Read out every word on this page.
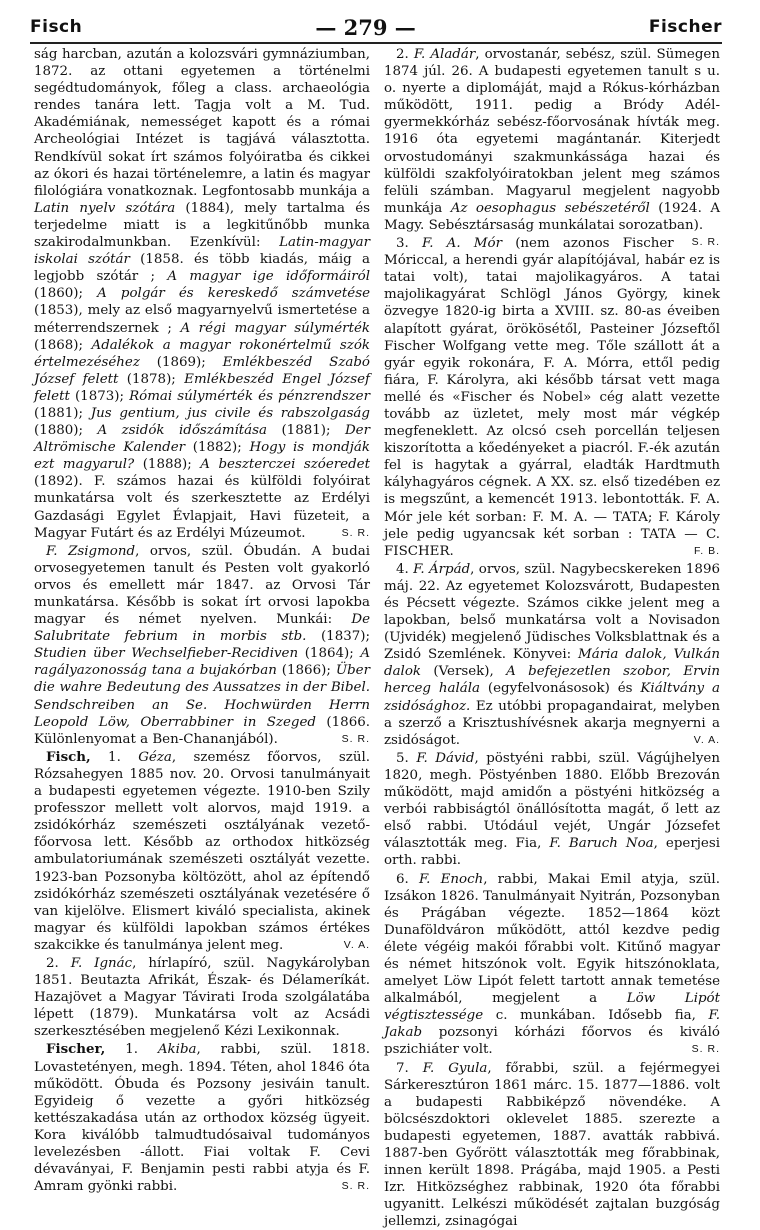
Fisch	— 279 —	Fischer

ság harcban, azután a kolozsvári gymnáziumban, 1872. az ottani egyetemen a történelmi segédtudományok, főleg a class. archaeológia rendes tanára lett. Tagja volt a M. Tud. Akadémiának, nemességet kapott és a római Archeológiai Intézet is tagjává választotta. Rendkívül sokat írt számos folyóiratba és cikkei az ókori és hazai történelemre, a latin és magyar filológiára vonatkoznak. Legfontosabb munkája a Latin nyelv szótára (1884), mely tartalma és terjedelme miatt is a legkitűnőbb munka szakirodalmunkban. Ezenkívül: Latin-magyar iskolai szótár (1858. és több kiadás, máig a legjobb szótár ; A magyar ige időformáiról (1860); A polgár és kereskedő számvetése (1853), mely az első magyarnyelvű ismertetése a méterrendszernek ; A régi magyar súlymérték (1868); Adalékok a magyar rokonértelmű szók értelmezéséhez (1869); Emlékbeszéd Szabó József felett (1878); Emlékbeszéd Engel József felett (1873); Római súlymérték és pénzrendszer (1881); Jus gentium, jus civile és rabszolgaság (1880); A zsidók időszámítása (1881); Der Altrömische Kalender (1882); Hogy is mondják ezt magyarul? (1888); A beszterczei szóeredet (1892). F. számos hazai és külföldi folyóirat munkatársa volt és szerkesztette az Erdélyi Gazdasági Egylet Évlapjait, Havi füzeteit, a Magyar Futárt és az Erdélyi Múzeumot.	S. R.

F. Zsigmond, orvos, szül. Óbudán. A budai orvosegyetemen tanult és Pesten volt gyakorló orvos és emellett már 1847. az Orvosi Tár munkatársa. Később is sokat írt orvosi lapokba magyar és német nyelven. Munkái: De Salubritate febrium in morbis stb. (1837); Studien über Wechselfieber-Recidiven (1864); A ragályazonosság tana a bujakórban (1866); Über die wahre Bedeutung des Aussatzes in der Bibel. Sendschreiben an Se. Hochwürden Herrn Leopold Löw, Oberrabbiner in Szeged (1866. Különlenyomat a Ben-Chananjából).	S. R.

Fisch, 1. Géza, szemész főorvos, szül. Rózsahegyen 1885 nov. 20. Orvosi tanulmányait a budapesti egyetemen végezte. 1910-ben Szily professzor mellett volt alorvos, majd 1919. a zsidókórház szemészeti osztályának vezető-főorvosa lett. Később az orthodox hitközség ambulatoriumának szemészeti osztályát vezette. 1923-ban Pozsonyba költözött, ahol az építendő zsidókórház szemészeti osztályának vezetésére ő van kijelölve. Elismert kiváló specialista, akinek magyar és külföldi lapokban számos értékes szakcikke és tanulmánya jelent meg.	V. A.

2. F. Ignác, hírlapíró, szül. Nagykárolyban 1851. Beutazta Afrikát, Észak- és Délameríkát. Hazajövet a Magyar Távirati Iroda szolgálatába lépett (1879). Munkatársa volt az Acsádi szerkesztésében megjelenő Kézi Lexikonnak.

Fischer, 1. Akiba, rabbi, szül. 1818. Lovastetényen, megh. 1894. Téten, ahol 1846 óta működött. Óbuda és Pozsony jesiváin tanult. Egyideig ő vezette a győri hitközség kettészakadása után az orthodox község ügyeit. Kora kiválóbb talmudtudósaival tudományos levelezésben -állott. Fiai voltak F. Cevi dévaványai, F. Benjamin pesti rabbi atyja és F. Amram gyönki rabbi.	S. R.

2. F. Aladár, orvostanár, sebész, szül. Sümegen 1874 júl. 26. A budapesti egyetemen tanult s u. o. nyerte a diplomáját, majd a Rókus-kórházban működött, 1911. pedig a Bródy Adél-gyermekkórház sebész-főorvosának hívták meg. 1916 óta egyetemi magántanár. Kiterjedt orvostudományi szakmunkássága hazai és külföldi szakfolyóiratokban jelent meg számos felüli számban. Magyarul megjelent nagyobb munkája Az oesophagus sebészetéről (1924. A Magy. Sebésztársaság munkálatai sorozatban).
S. R.

3. F. A. Mór (nem azonos Fischer Móriccal, a herendi gyár alapítójával, habár ez is tatai volt), tatai majolikagyáros. A tatai majolikagyárat Schlögl János György, kinek özvegye 1820-ig birta a XVIII. sz. 80-as éveiben alapított gyárat, örökösétől, Pasteiner Józseftől Fischer Wolfgang vette meg. Tőle szállott át a gyár egyik rokonára, F. A. Mórra, ettől pedig fiára, F. Károlyra, aki később társat vett maga mellé és «Fischer és Nobel» cég alatt vezette tovább az üzletet, mely most már végkép megfeneklett. Az olcsó cseh porcellán teljesen kiszorította a kőedényeket a piacról. F.-ék azután fel is hagytak a gyárral, eladták Hardtmuth kályhagyáros cégnek. A XX. sz. első tizedében ez is megszűnt, a kemencét 1913. lebontották. F. A. Mór jele két sorban: F. M. A. — TATA; F. Károly jele pedig ugyancsak két sorban : TATA — C. FISCHER.	F. B.

4. F. Árpád, orvos, szül. Nagybecskereken 1896 máj. 22. Az egyetemet Kolozsvárott, Budapesten és Pécsett végezte. Számos cikke jelent meg a lapokban, belső munkatársa volt a Novisadon (Ujvidék) megjelenő Jüdisches Volksblattnak és a Zsidó Szemlének. Könyvei: Mária dalok, Vulkán dalok (Versek), A befejezetlen szobor, Ervin herceg halála (egyfelvonásosok) és Kiáltvány a zsidósághoz. Ez utóbbi propagandairat, melyben a szerző a Krisztushívésnek akarja megnyerni a zsidóságot.	V. A.

5. F. Dávid, pöstyéni rabbi, szül. Vágújhelyen 1820, megh. Pöstyénben 1880. Előbb Brezován működött, majd amidőn a pöstyéni hitközség a verbói rabbiságtól önállósította magát, ő lett az első rabbi. Utódául vejét, Ungár Józsefet választották meg. Fia, F. Baruch Noa, eperjesi orth. rabbi.

6. F. Enoch, rabbi, Makai Emil atyja, szül. Izsákon 1826. Tanulmányait Nyitrán, Pozsonyban és Prágában végezte. 1852—1864 közt Dunaföldváron működött, attól kezdve pedig élete végéig makói főrabbi volt. Kitűnő magyar és német hitszónok volt. Egyik hitszónoklata, amelyet Löw Lipót felett tartott annak temetése alkalmából, megjelent a Löw Lipót végtisztessége c. munkában. Idősebb fia, F. Jakab pozsonyi kórházi főorvos és kiváló pszichiáter volt.	S. R.

7. F. Gyula, főrabbi, szül. a fejérmegyei Sárkeresztúron 1861 márc. 15. 1877—1886. volt a budapesti Rabbiképző növendéke. A bölcsészdoktori oklevelet 1885. szerezte a budapesti egyetemen, 1887. avatták rabbivá. 1887-ben Győrött választották meg főrabbinak, innen került 1898. Prágába, majd 1905. a Pesti Izr. Hitközséghez rabbinak, 1920 óta főrabbi ugyanitt. Lelkészi működését zajtalan buzgóság jellemzi, zsinagógai
